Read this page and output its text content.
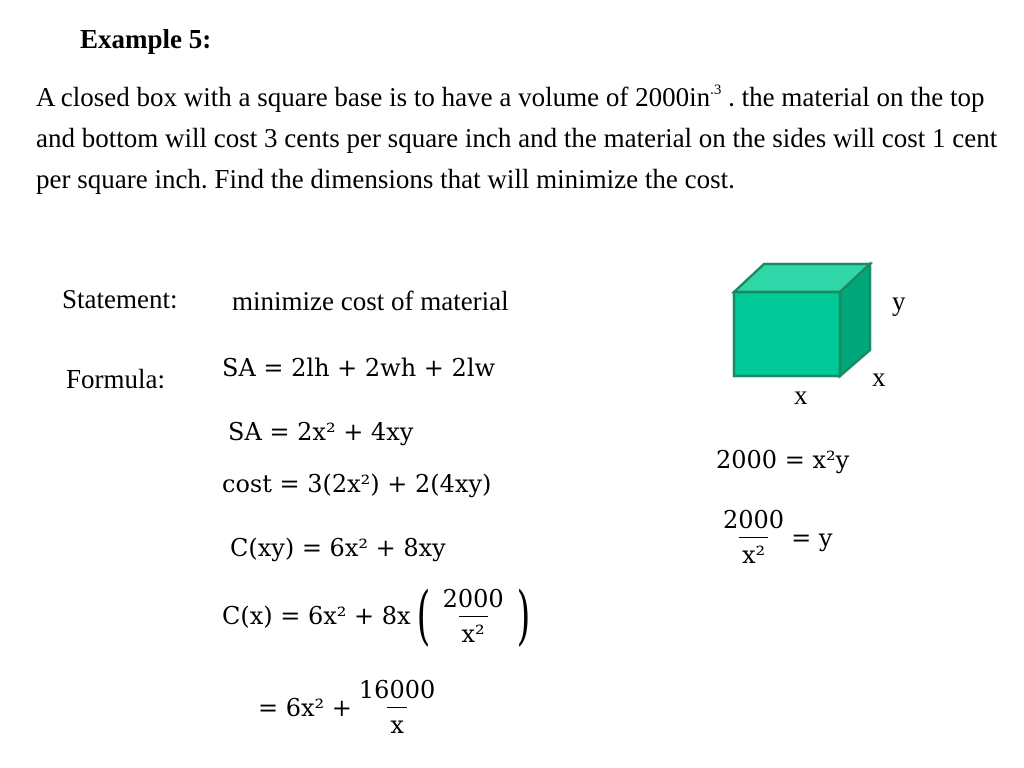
Example 5:
A closed box with a square base is to have a volume of $2000in^{.3}$ . the material on the top and bottom will cost 3 cents per square inch and the material on the sides will cost 1 cent per square inch. Find the dimensions that will minimize the cost.
Statement: minimize cost of material
Formula: SA = 2lh + 2wh + 2lw
SA = 2x² + 4xy
cost = 3(2x²) + 2(4xy)
C(xy) = 6x² + 8xy
C(x) = 6x² + 8x ( $\frac{2000}{\text{x²}}$ )
= $6x^2 + \frac{16000}{x}$
y
x
x
2000 = x²y
$\frac{2000}{\text{x²}} = y$
